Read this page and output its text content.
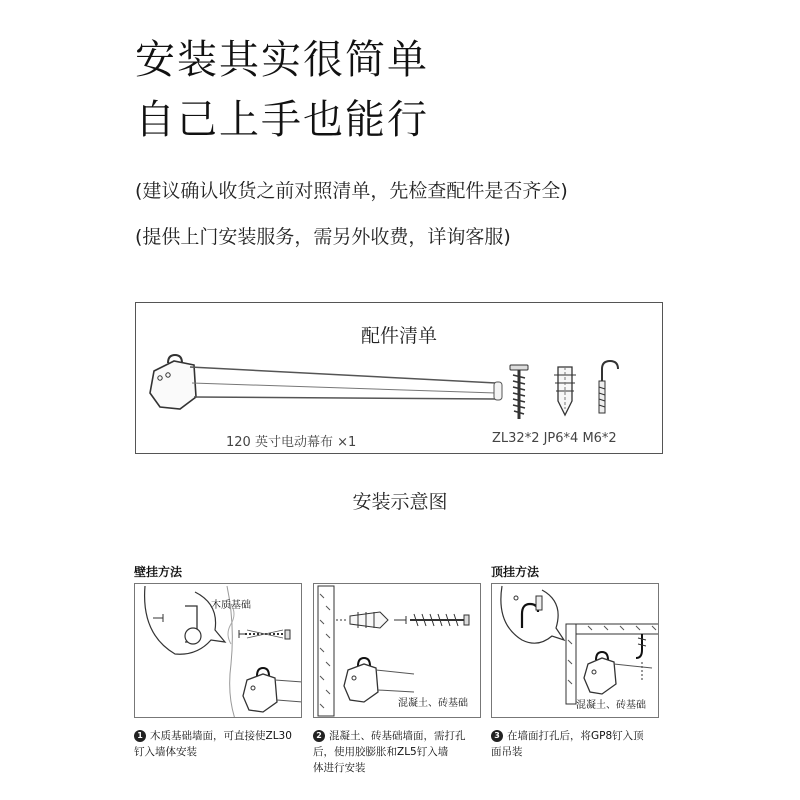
安装其实很简单
自己上手也能行
(建议确认收货之前对照清单，先检查配件是否齐全)
(提供上门安装服务，需另外收费，详询客服)
配件清单
120 英寸电动幕布 ×1	ZL32*2 JP6*4 M6*2
安装示意图
壁挂方法	顶挂方法
木质基础
混凝土、砖基础	混凝土、砖基础
1 木质基础墙面，可直接使ZL30
钉入墙体安装
2 混凝土、砖基础墙面，需打孔
后，使用胶膨胀和ZL5钉入墙
体进行安装
3 在墙面打孔后，将GP8钉入顶
面吊装
